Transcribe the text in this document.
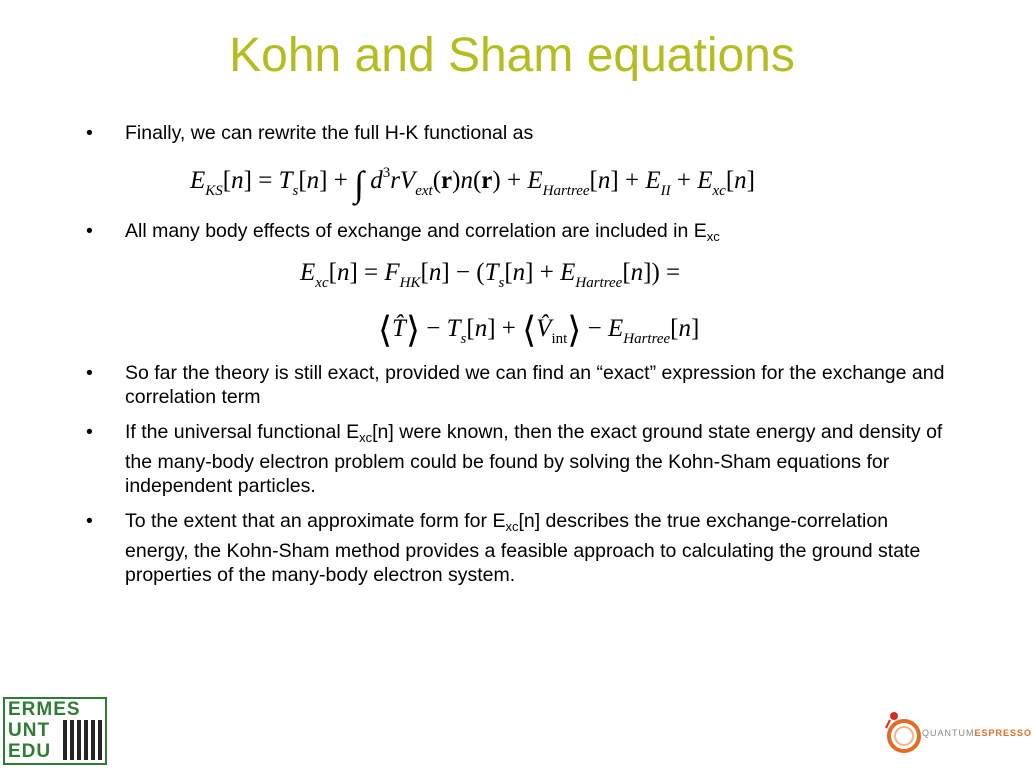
Kohn and Sham equations
• Finally, we can rewrite the full H-K functional as
$E_{KS}[n] = T_s[n]$ + ∫ $d^3rV_{ext}(r)n(r) + E_{Hartree}[n] + E_{II} + E_{xc}[n]$
• All many body effects of exchange and correlation are included in $E_{xc}$
$E_{xc}[n] = F_{HK}[n] - (T_s[n] + E_{Hartree}[n])$ =
⟨T̂⟩ − $T_s[n]$ + $⟨V̂_{int}⟩ - E_{Hartree}[n]$
• So far the theory is still exact, provided we can find an “exact” expression for the exchange and correlation term
• If the universal functional $E_{xc}[n]$ were known, then the exact ground state energy and density of the many-body electron problem could be found by solving the Kohn-Sham equations for independent particles.
• To the extent that an approximate form for $E_{xc}[n]$ describes the true exchange-correlation energy, the Kohn-Sham method provides a feasible approach to calculating the ground state properties of the many-body electron system.
ERMES
UNT
EDU
QUANTUMESPRESSO
